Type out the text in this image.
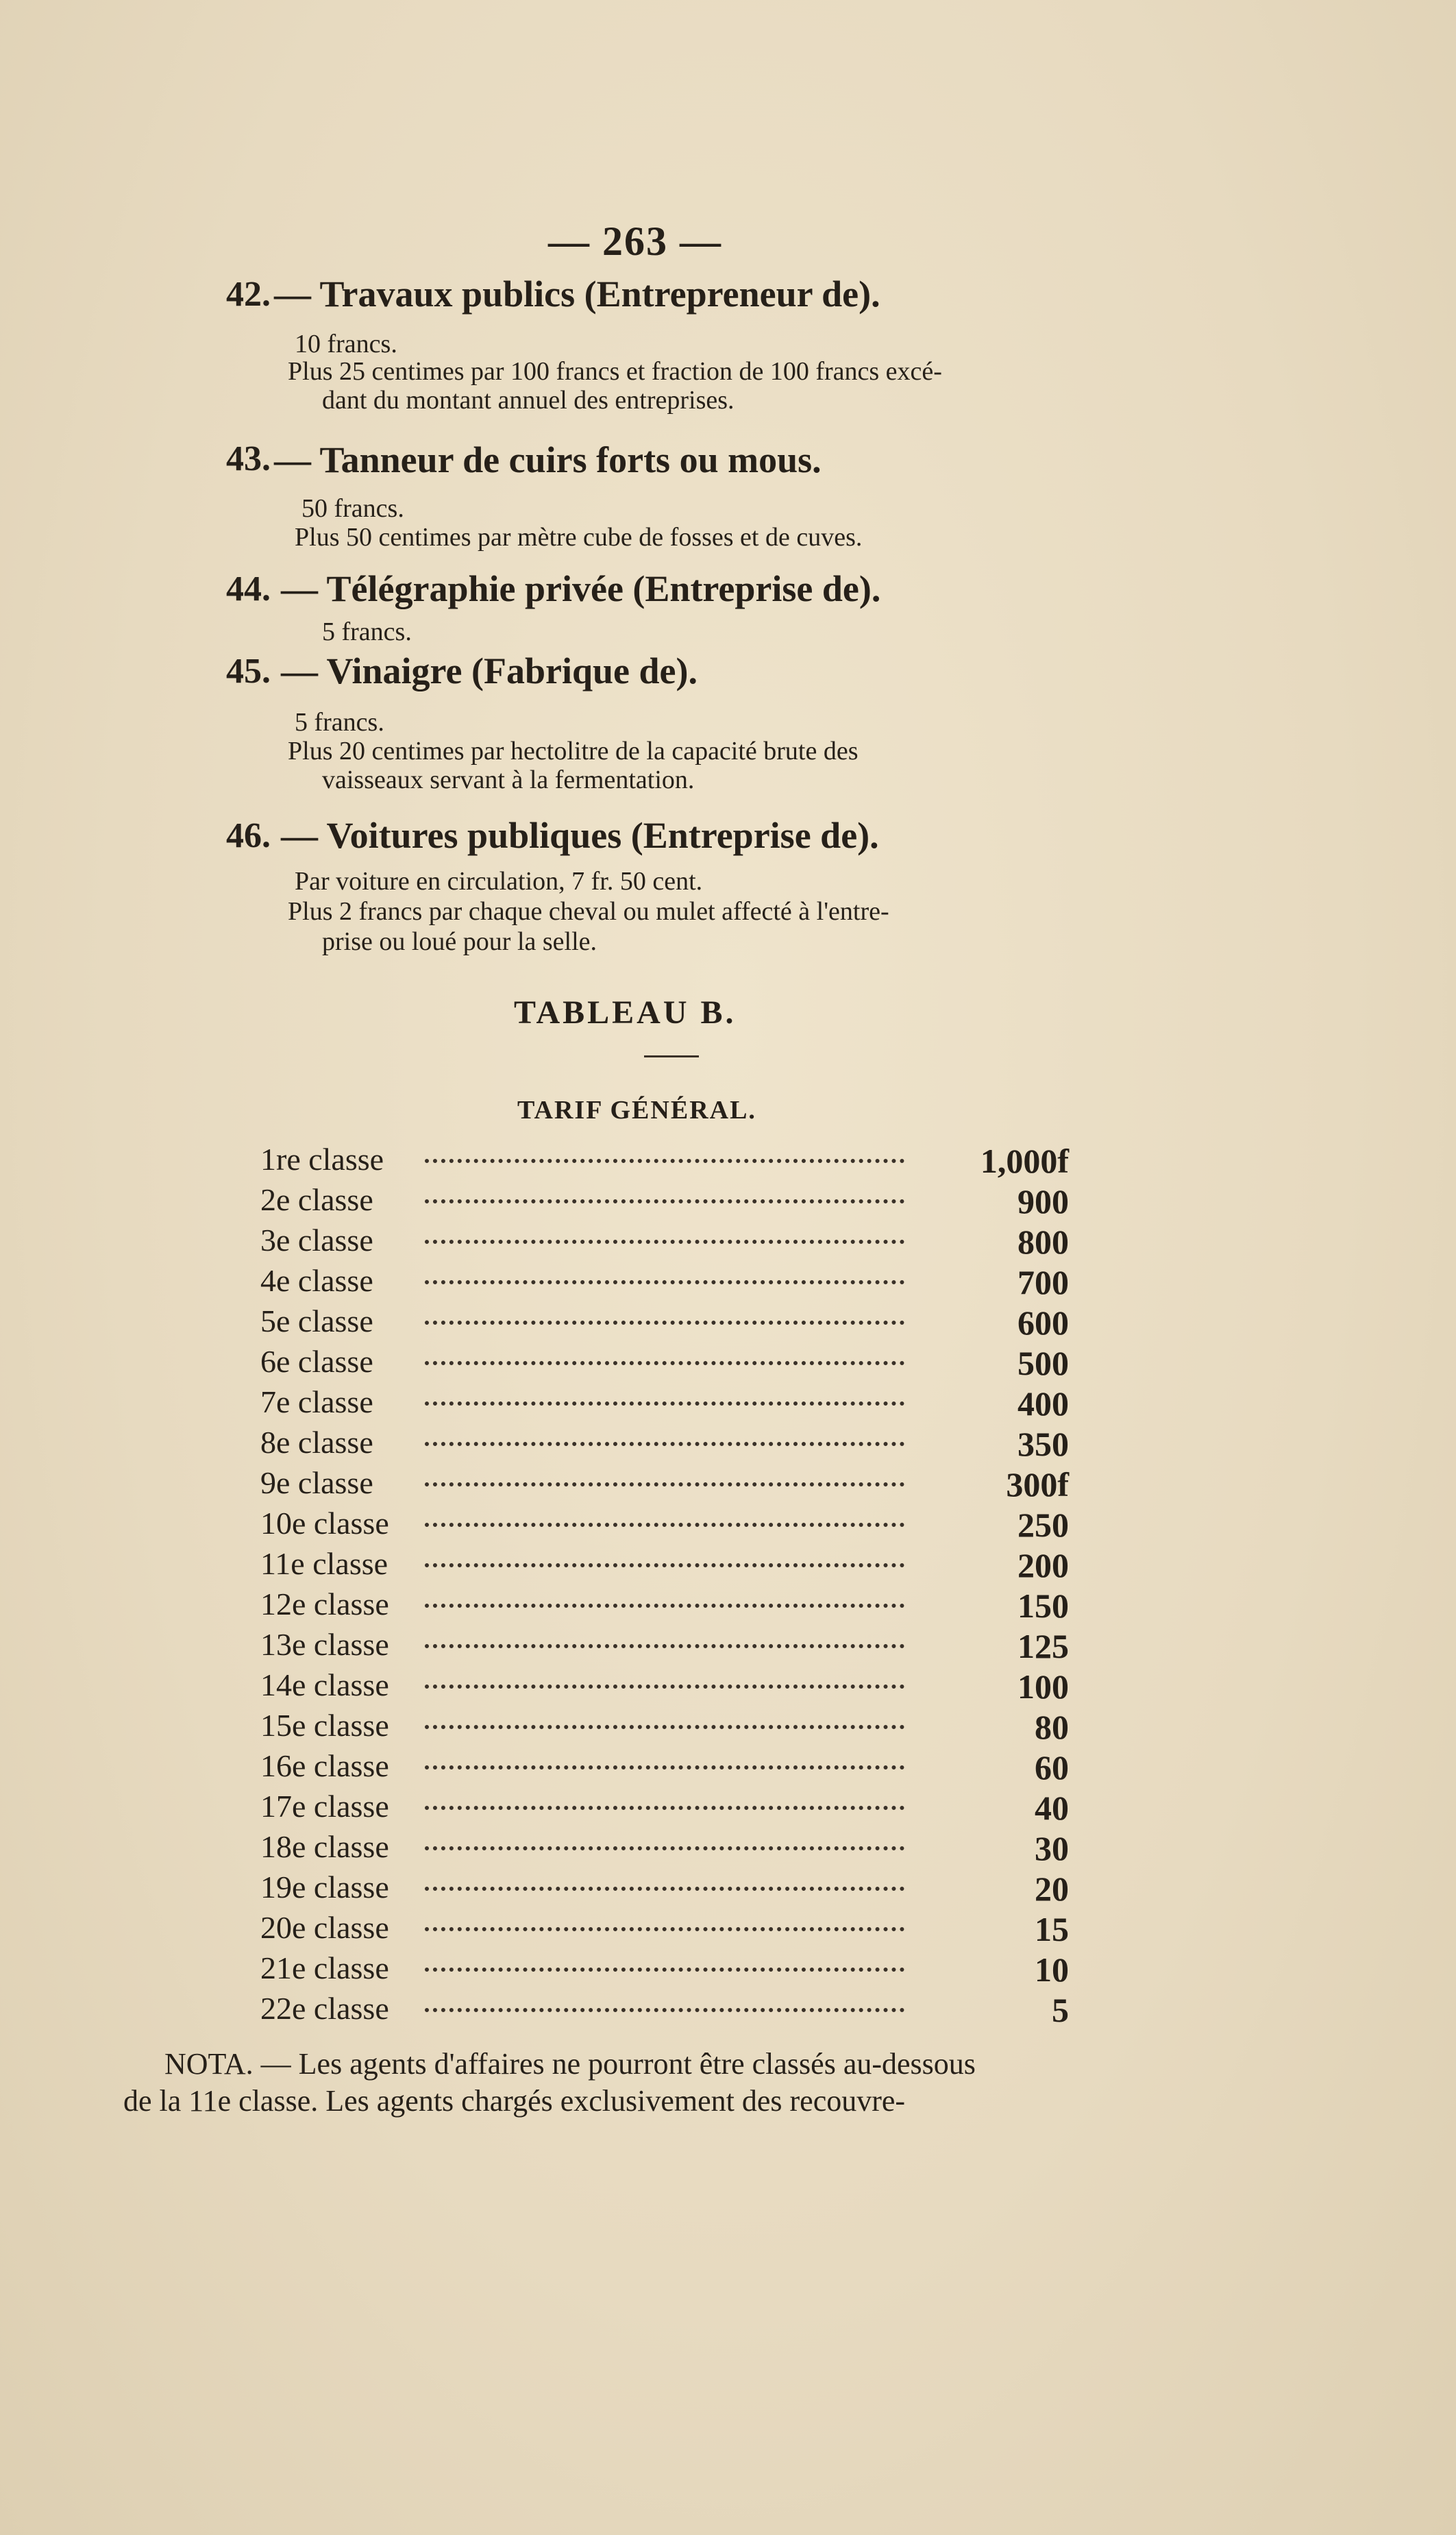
— 263 —
42. — Travaux publics (Entrepreneur de).
10 francs.
Plus 25 centimes par 100 francs et fraction de 100 francs excé-
dant du montant annuel des entreprises.
43. — Tanneur de cuirs forts ou mous.
50 francs.
Plus 50 centimes par mètre cube de fosses et de cuves.
44. — Télégraphie privée (Entreprise de).
5 francs.
45. — Vinaigre (Fabrique de).
5 francs.
Plus 20 centimes par hectolitre de la capacité brute des
vaisseaux servant à la fermentation.
46. — Voitures publiques (Entreprise de).
Par voiture en circulation, 7 fr. 50 cent.
Plus 2 francs par chaque cheval ou mulet affecté à l'entre-
prise ou loué pour la selle.
TABLEAU B.
TARIF GÉNÉRAL.
1re classe	1,000f
2e classe	900
3e classe	800
4e classe	700
5e classe	600
6e classe	500
7e classe	400
8e classe	350
9e classe	300f
10e classe	250
11e classe	200
12e classe	150
13e classe	125
14e classe	100
15e classe	80
16e classe	60
17e classe	40
18e classe	30
19e classe	20
20e classe	15
21e classe	10
22e classe	5
NOTA. — Les agents d'affaires ne pourront être classés au-dessous
de la 11e classe. Les agents chargés exclusivement des recouvre-
